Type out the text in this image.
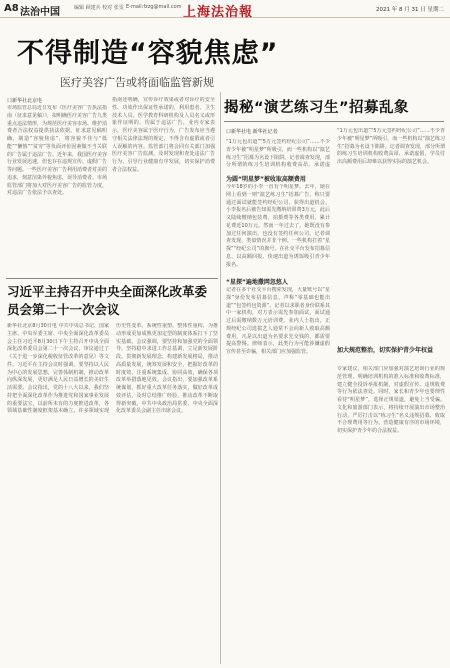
A8 法治中国	编辑 顾建兵 校对 张雯 E-mail:fzzg@mail.com 上海法治報	2021 年 8 月 31 日 星期二
不得制造“容貌焦虑”
医疗美容广告或将面临监管新规
口新华社北京电
市场监管总局近日发布《医疗美容广告执法指南（征求意见稿）》，拟明确医疗美容广告九类重点违法情形，为规范医疗美容市场、维护消费者合法权益提供执法依据。征求意见稿明确，制造“容貌焦虑”，将容貌不佳与“低能”“懒惰”“贫穷”等负面评价因素做不当关联的广告属于违法广告。近年来，我国医疗美容行业发展迅速，但也存在违规宣传、虚假广告等问题。一些医疗美容广告利用消费者对美的追求，刻意渲染外貌焦虑，误导消费者。市场监管部门将加大对医疗美容广告的监管力度，对违法广告依法予以查处。
指南还明确，宣传诊疗效果或者对诊疗的安全性、功效作出保证性承诺的，利用患者、卫生技术人员、医学教育科研机构及人员名义或形象作证明的，均属于违法广告。业内专家表示，医疗美容属于医疗行为，广告发布应当遵守相关法律法规的规定，不得含有虚假或者引人误解的内容。监管部门将会同有关部门加强医疗美容广告监测，及时发现和查处违法广告行为，引导行业健康有序发展，切实保护消费者合法权益。
习近平主持召开中央全面深化改革委员会第二十一次会议
新华社北京8月30日电 中共中央总书记、国家主席、中央军委主席、中央全面深化改革委员会主任习近平8月30日下午主持召开中央全面深化改革委员会第二十一次会议，审议通过了《关于进一步深化税收征管改革的意见》等文件。习近平在主持会议时强调，要坚持以人民为中心的发展思想，完善体制机制，推动改革向纵深发展，更好满足人民日益增长的美好生活需要。会议指出，党的十八大以来，我们坚持把全面深化改革作为推进党和国家事业发展的重要法宝，以前所未有的力度推进改革，各领域基础性制度框架基本确立，许多领域实现历史性变革、系统性重塑、整体性重构，为推动形成更加成熟更加定型的制度体系打下了坚实基础。会议强调，要坚持和加强党的全面领导，坚持稳中求进工作总基调，立足新发展阶段、贯彻新发展理念、构建新发展格局，推动高质量发展，统筹发展和安全，把握好改革的时度效，注重系统集成、协同高效，确保各项改革举措落地见效。会议指出，要加强改革系统谋划，抓好重大改革任务落实，做好改革成效评估，及时总结推广经验，推动改革不断取得新突破。中共中央政治局常委、中央全面深化改革委员会副主任出席会议。
揭秘“演艺练习生”招募乱象
口新华社电 新华社记者
“1万元包出道”“5万元签约经纪公司”……不少青少年被“明星梦”所吸引，而一些机构以“演艺练习生”招募为名设下陷阱。记者调查发现，部分所谓的练习生培训机构收费高昂、承诺虚
为圆“明星梦”被收取高额费用
今年18岁的小李一直有个明星梦。去年，她在网上看到一则“演艺练习生”招募广告，称只要通过面试就能签约经纪公司，获得出道机会。小李报名后被告知需先缴纳培训费3万元，此后又陆续缴纳包装费、拍摄费等各类费用，累计花费近10万元。然而一年过去了，她既没有参加过任何演出，也没有签约任何公司。记者调查发现，类似情况并非个例。一些机构打着“星探”“经纪公司”的旗号，在社交平台发布招募信息，以高额回报、快速出道为诱饵吸引青少年报名。
“星探”遍地撒网忽悠人
记者在多个社交平台搜索发现，大量账号以“星探”身份发布招募信息，声称“零基础也能出道”“包签约包资源”。记者以求职者身份联系其中一家机构，对方表示需先参加面试，面试通过后需缴纳数万元培训费。业内人士指出，正规经纪公司选拔艺人通常不会向新人收取高额费用，凡是以出道为名要求先交钱的，都需要提高警惕。律师表示，此类行为可能涉嫌虚假宣传甚至诈骗，相关部门应加强监管。
“1万元包出道”“5万元签约经纪公司”……不少青少年被“明星梦”所吸引，而一些机构以“演艺练习生”招募为名设下陷阱。记者调查发现，部分所谓的练习生培训机构收费高昂、承诺虚假，学员付出高额费用后却难以获得实际的演艺机会。
加大规范整治，切实保护青少年权益
专家建议，相关部门应加强对演艺培训行业的规范管理，明确培训机构的准入标准和收费标准，建立健全投诉举报机制，对虚假宣传、违规收费等行为依法查处。同时，家长和青少年也要理性看待“明星梦”，选择正规渠道，避免上当受骗。文化和旅游部门表示，将持续开展演出市场整治行动，严厉打击以“练习生”名义违规招募、收取不合理费用等行为，营造健康有序的市场环境，切实保护青少年的合法权益。
